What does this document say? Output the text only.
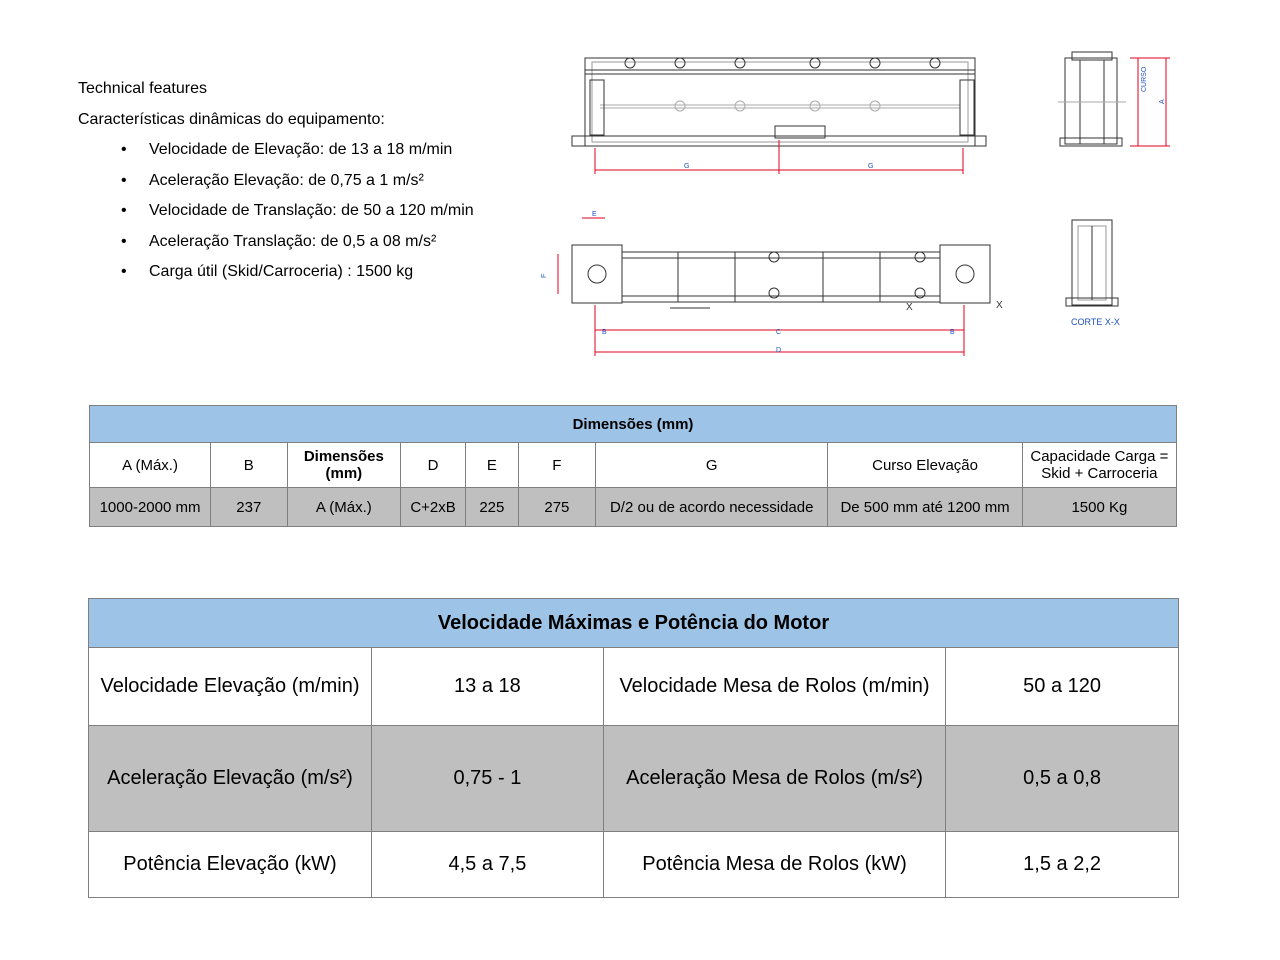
Technical features
Características dinâmicas do equipamento:
• Velocidade de Elevação: de 13 a 18 m/min
• Aceleração Elevação: de 0,75 a 1 m/s²
• Velocidade de Translação: de 50 a 120 m/min
• Aceleração Translação: de 0,5 a 08 m/s²
• Carga útil (Skid/Carroceria) : 1500 kg
G	G
CURSO
A
E
F
B	C	B
D
X	X
CORTE X-X
Dimensões (mm)								
A (Máx.)	B	Dimensões (mm)	D	E	F	G	Curso Elevação	Capacidade Carga = Skid + Carroceria
1000-2000 mm	237	A (Máx.)	C+2xB	225	275	D/2 ou de acordo necessidade	De 500 mm até 1200 mm	1500 Kg
Velocidade Máximas e Potência do Motor			
Velocidade Elevação (m/min)	13 a 18	Velocidade Mesa de Rolos (m/min)	50 a 120
Aceleração Elevação (m/s²)	0,75 - 1	Aceleração Mesa de Rolos (m/s²)	0,5 a 0,8
Potência Elevação (kW)	4,5 a 7,5	Potência Mesa de Rolos (kW)	1,5 a 2,2
